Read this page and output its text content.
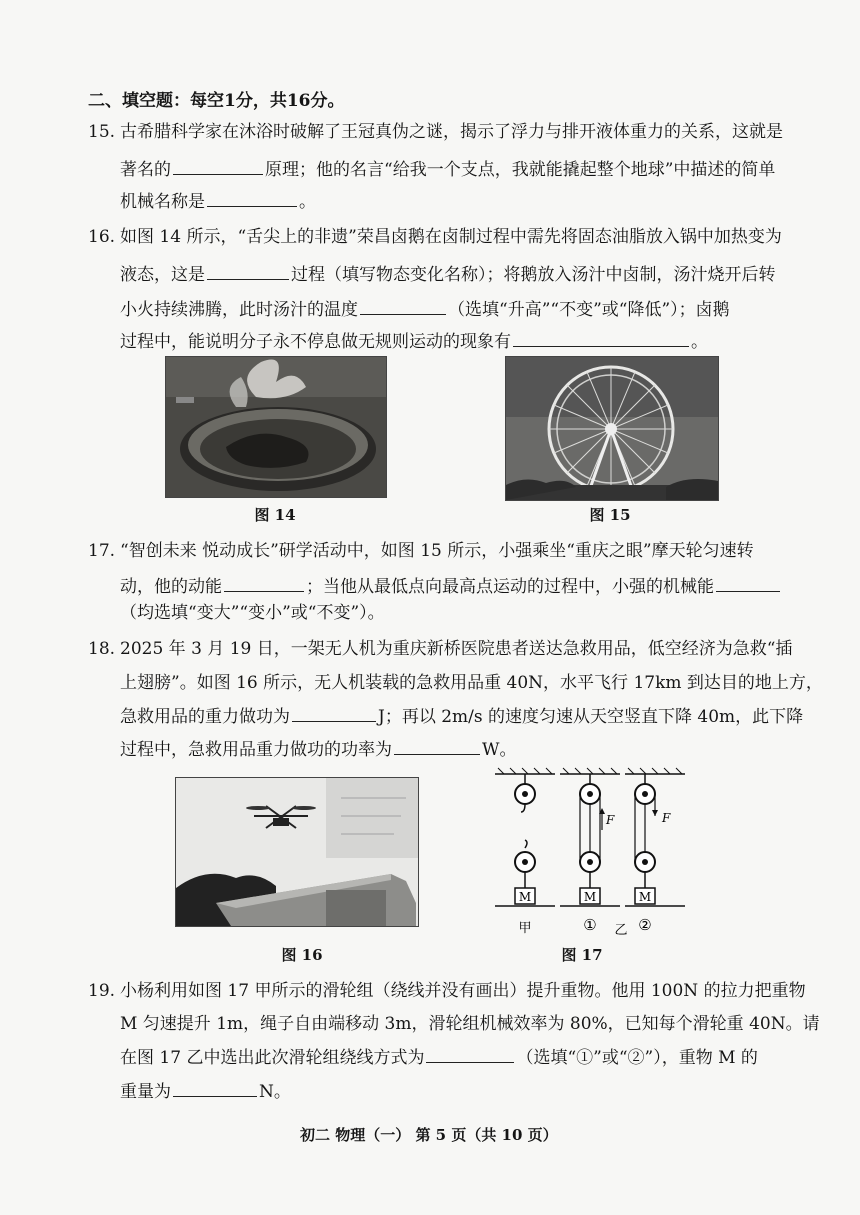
二、填空题：每空1分，共16分。
15. 古希腊科学家在沐浴时破解了王冠真伪之谜，揭示了浮力与排开液体重力的关系，这就是
著名的	原理；他的名言“给我一个支点，我就能撬起整个地球”中描述的简单
机械名称是	。
16. 如图 14 所示，“舌尖上的非遗”荣昌卤鹅在卤制过程中需先将固态油脂放入锅中加热变为
液态，这是	过程（填写物态变化名称）；将鹅放入汤汁中卤制，汤汁烧开后转
小火持续沸腾，此时汤汁的温度	（选填“升高”“不变”或“降低”）；卤鹅
过程中，能说明分子永不停息做无规则运动的现象有	。
图 14	图 15
17. “智创未来 悦动成长”研学活动中，如图 15 所示，小强乘坐“重庆之眼”摩天轮匀速转
动，他的动能	；当他从最低点向最高点运动的过程中，小强的机械能
（均选填“变大”“变小”或“不变”）。
18. 2025 年 3 月 19 日，一架无人机为重庆新桥医院患者送达急救用品，低空经济为急救“插
上翅膀”。如图 16 所示，无人机装载的急救用品重 40N，水平飞行 17km 到达目的地上方，
急救用品的重力做功为	J；再以 2m/s 的速度匀速从天空竖直下降 40m，此下降
过程中，急救用品重力做功的功率为	W。
图 16
M	M	M
F	F
甲	① 乙 ②
图 17
19. 小杨利用如图 17 甲所示的滑轮组（绕线并没有画出）提升重物。他用 100N 的拉力把重物
M 匀速提升 1m，绳子自由端移动 3m，滑轮组机械效率为 80%，已知每个滑轮重 40N。请
在图 17 乙中选出此次滑轮组绕线方式为	（选填“①”或“②”），重物 M 的
重量为	N。
初二 物理（一） 第 5 页（共 10 页）
